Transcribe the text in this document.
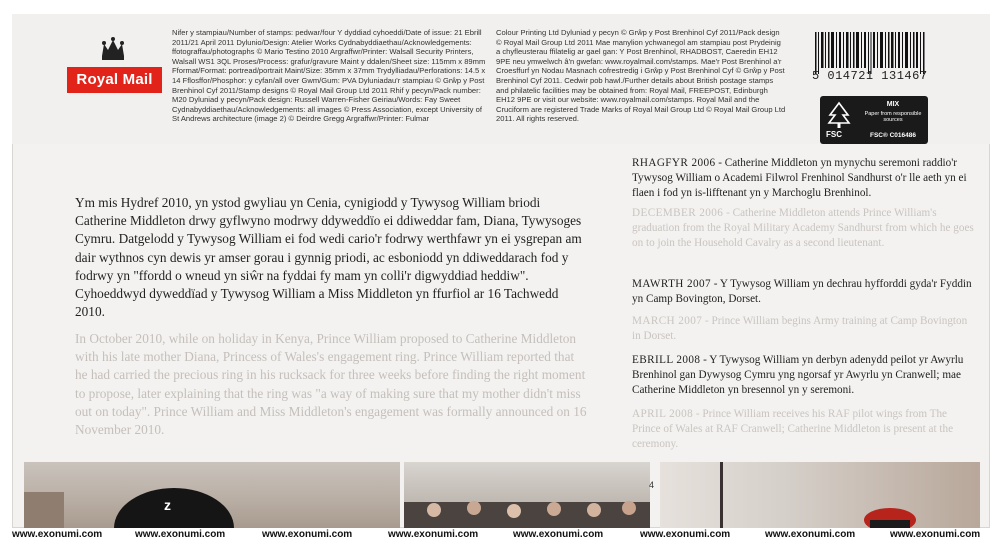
Royal Mail
Nifer y stampiau/Number of stamps: pedwar/four Y dyddiad cyhoeddi/Date of issue: 21 Ebrill 2011/21 April 2011 Dylunio/Design: Atelier Works Cydnabyddiaethau/Acknowledgements: ffotograffau/photographs © Mario Testino 2010 Argraffwr/Printer: Walsall Security Printers, Walsall WS1 3QL Proses/Process: grafur/gravure Maint y ddalen/Sheet size: 115mm x 89mm Fformat/Format: portread/portrait Maint/Size: 35mm x 37mm Trydylliadau/Perforations: 14.5 x 14 Fflosffor/Phosphor: y cyfan/all over Gwm/Gum: PVA Dyluniadau'r stampiau © Grŵp y Post Brenhinol Cyf 2011/Stamp designs © Royal Mail Group Ltd 2011 Rhif y pecyn/Pack number: M20 Dyluniad y pecyn/Pack design: Russell Warren-Fisher Geiriau/Words: Fay Sweet Cydnabyddiaethau/Acknowledgements: all images © Press Association, except University of St Andrews architecture (image 2) © Deirdre Gregg Argraffwr/Printer: Fulmar
Colour Printing Ltd Dyluniad y pecyn © Grŵp y Post Brenhinol Cyf 2011/Pack design © Royal Mail Group Ltd 2011 Mae manylion ychwanegol am stampiau post Prydeinig a chyfleusterau ffilatelig ar gael gan: Y Post Brenhinol, RHADBOST, Caeredin EH12 9PE neu ymwelwch â'n gwefan: www.royalmail.com/stamps. Mae'r Post Brenhinol a'r Croesffurf yn Nodau Masnach cofrestredig i Grŵp y Post Brenhinol Cyf © Grŵp y Post Brenhinol Cyf 2011. Cedwir pob hawl./Further details about British postage stamps and philatelic facilities may be obtained from: Royal Mail, FREEPOST, Edinburgh EH12 9PE or visit our website: www.royalmail.com/stamps. Royal Mail and the Cruciform are registered Trade Marks of Royal Mail Group Ltd © Royal Mail Group Ltd 2011. All rights reserved.
5 014721 131467
FSC
MIX
Paper from responsible sources
FSC® C016486
Ym mis Hydref 2010, yn ystod gwyliau yn Cenia, cynigiodd y Tywysog William briodi Catherine Middleton drwy gyflwyno modrwy ddyweddïo ei ddiweddar fam, Diana, Tywysoges Cymru. Datgelodd y Tywysog William ei fod wedi cario'r fodrwy werthfawr yn ei ysgrepan am dair wythnos cyn dewis yr amser gorau i gynnig priodi, ac esboniodd yn ddiweddarach fod y fodrwy yn "ffordd o wneud yn siŵr na fyddai fy mam yn colli'r digwyddiad heddiw". Cyhoeddwyd dyweddïad y Tywysog William a Miss Middleton yn ffurfiol ar 16 Tachwedd 2010.
In October 2010, while on holiday in Kenya, Prince William proposed to Catherine Middleton with his late mother Diana, Princess of Wales's engagement ring. Prince William reported that he had carried the precious ring in his rucksack for three weeks before finding the right moment to propose, later explaining that the ring was "a way of making sure that my mother didn't miss out on today". Prince William and Miss Middleton's engagement was formally announced on 16 November 2010.
RHAGFYR 2006 - Catherine Middleton yn mynychu seremoni raddio'r Tywysog William o Academi Filwrol Frenhinol Sandhurst o'r lle aeth yn ei flaen i fod yn is-lifftenant yn y Marchoglu Brenhinol.
DECEMBER 2006 - Catherine Middleton attends Prince William's graduation from the Royal Military Academy Sandhurst from which he goes on to join the Household Cavalry as a second lieutenant.
MAWRTH 2007 - Y Tywysog William yn dechrau hyfforddi gyda'r Fyddin yn Camp Bovington, Dorset.
MARCH 2007 - Prince William begins Army training at Camp Bovington in Dorset.
EBRILL 2008 - Y Tywysog William yn derbyn adenydd peilot yr Awyrlu Brenhinol gan Dywysog Cymru yng ngorsaf yr Awyrlu yn Cranwell; mae Catherine Middleton yn bresennol yn y seremoni.
APRIL 2008 - Prince William receives his RAF pilot wings from The Prince of Wales at RAF Cranwell; Catherine Middleton is present at the ceremony.
z
4
www.exonumi.com	www.exonumi.com	www.exonumi.com	www.exonumi.com	www.exonumi.com	www.exonumi.com	www.exonumi.com	www.exonumi.com
